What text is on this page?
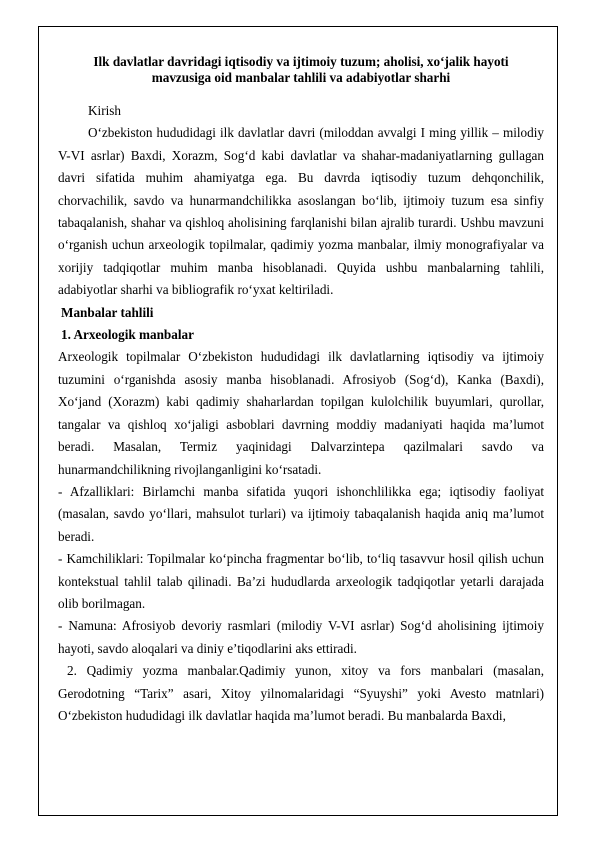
Ilk davlatlar davridagi iqtisodiy va ijtimoiy tuzum; aholisi, xo‘jalik hayoti
mavzusiga oid manbalar tahlili va adabiyotlar sharhi

Kirish

O‘zbekiston hududidagi ilk davlatlar davri (miloddan avvalgi I ming yillik – milodiy V-VI asrlar) Baxdi, Xorazm, Sog‘d kabi davlatlar va shahar-madaniyatlarning gullagan davri sifatida muhim ahamiyatga ega. Bu davrda iqtisodiy tuzum dehqonchilik, chorvachilik, savdo va hunarmandchilikka asoslangan bo‘lib, ijtimoiy tuzum esa sinfiy tabaqalanish, shahar va qishloq aholisining farqlanishi bilan ajralib turardi. Ushbu mavzuni o‘rganish uchun arxeologik topilmalar, qadimiy yozma manbalar, ilmiy monografiyalar va xorijiy tadqiqotlar muhim manba hisoblanadi. Quyida ushbu manbalarning tahlili, adabiyotlar sharhi va bibliografik ro‘yxat keltiriladi.

Manbalar tahlili

1. Arxeologik manbalar

Arxeologik topilmalar O‘zbekiston hududidagi ilk davlatlarning iqtisodiy va ijtimoiy tuzumini o‘rganishda asosiy manba hisoblanadi. Afrosiyob (Sog‘d), Kanka (Baxdi), Xo‘jand (Xorazm) kabi qadimiy shaharlardan topilgan kulolchilik buyumlari, qurollar, tangalar va qishloq xo‘jaligi asboblari davrning moddiy madaniyati haqida ma’lumot beradi. Masalan, Termiz yaqinidagi Dalvarzintepa qazilmalari savdo va hunarmandchilikning rivojlanganligini ko‘rsatadi.

- Afzalliklari: Birlamchi manba sifatida yuqori ishonchlilikka ega; iqtisodiy faoliyat (masalan, savdo yo‘llari, mahsulot turlari) va ijtimoiy tabaqalanish haqida aniq ma’lumot beradi.

- Kamchiliklari: Topilmalar ko‘pincha fragmentar bo‘lib, to‘liq tasavvur hosil qilish uchun kontekstual tahlil talab qilinadi. Ba’zi hududlarda arxeologik tadqiqotlar yetarli darajada olib borilmagan.

- Namuna: Afrosiyob devoriy rasmlari (milodiy V-VI asrlar) Sog‘d aholisining ijtimoiy hayoti, savdo aloqalari va diniy e’tiqodlarini aks ettiradi.

2. Qadimiy yozma manbalar.Qadimiy yunon, xitoy va fors manbalari (masalan, Gerodotning “Tarix” asari, Xitoy yilnomalaridagi “Syuyshi” yoki Avesto matnlari) O‘zbekiston hududidagi ilk davlatlar haqida ma’lumot beradi. Bu manbalarda Baxdi,
